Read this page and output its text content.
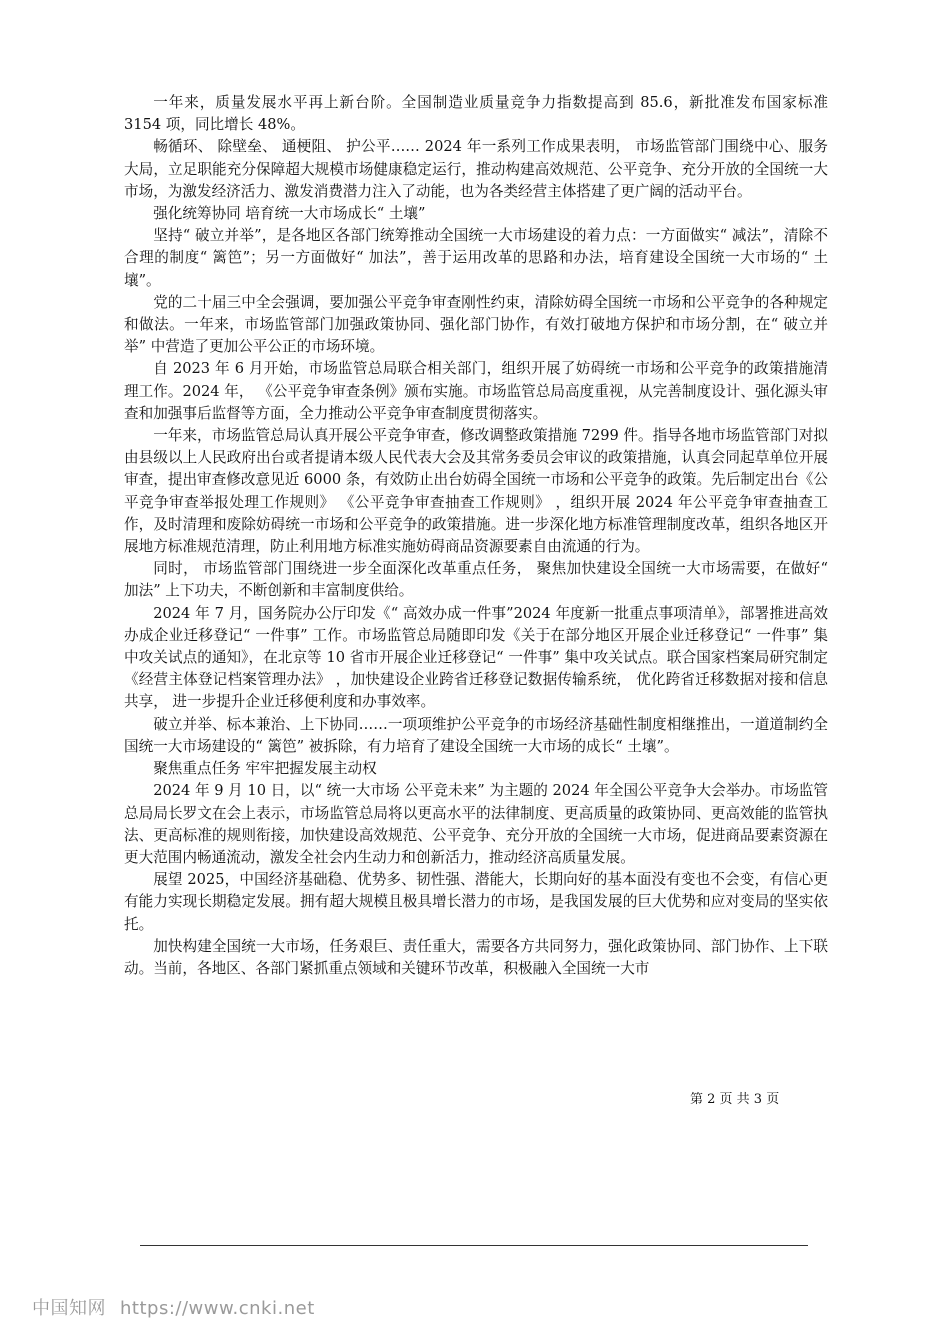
一年来，质量发展水平再上新台阶。全国制造业质量竞争力指数提高到 85.6，新批准发布国家标准 3154 项，同比增长 48%。

畅循环、 除壁垒、 通梗阻、 护公平…… 2024 年一系列工作成果表明， 市场监管部门围绕中心、服务大局，立足职能充分保障超大规模市场健康稳定运行，推动构建高效规范、公平竞争、充分开放的全国统一大市场，为激发经济活力、激发消费潜力注入了动能，也为各类经营主体搭建了更广阔的活动平台。

强化统筹协同 培育统一大市场成长“ 土壤”

坚持“ 破立并举”，是各地区各部门统筹推动全国统一大市场建设的着力点：一方面做实“ 减法”，清除不合理的制度“ 篱笆”；另一方面做好“ 加法”，善于运用改革的思路和办法，培育建设全国统一大市场的“ 土壤”。

党的二十届三中全会强调，要加强公平竞争审查刚性约束，清除妨碍全国统一市场和公平竞争的各种规定和做法。一年来，市场监管部门加强政策协同、强化部门协作，有效打破地方保护和市场分割，在“ 破立并举” 中营造了更加公平公正的市场环境。

自 2023 年 6 月开始，市场监管总局联合相关部门，组织开展了妨碍统一市场和公平竞争的政策措施清理工作。2024 年， 《公平竞争审查条例》颁布实施。市场监管总局高度重视，从完善制度设计、强化源头审查和加强事后监督等方面，全力推动公平竞争审查制度贯彻落实。

一年来，市场监管总局认真开展公平竞争审查，修改调整政策措施 7299 件。指导各地市场监管部门对拟由县级以上人民政府出台或者提请本级人民代表大会及其常务委员会审议的政策措施，认真会同起草单位开展审查，提出审查修改意见近 6000 条，有效防止出台妨碍全国统一市场和公平竞争的政策。先后制定出台《公平竞争审查举报处理工作规则》 《公平竞争审查抽查工作规则》 ，组织开展 2024 年公平竞争审查抽查工作，及时清理和废除妨碍统一市场和公平竞争的政策措施。进一步深化地方标准管理制度改革，组织各地区开展地方标准规范清理，防止利用地方标准实施妨碍商品资源要素自由流通的行为。

同时， 市场监管部门围绕进一步全面深化改革重点任务， 聚焦加快建设全国统一大市场需要，在做好“ 加法” 上下功夫，不断创新和丰富制度供给。

2024 年 7 月，国务院办公厅印发《“ 高效办成一件事”2024 年度新一批重点事项清单》，部署推进高效办成企业迁移登记“ 一件事” 工作。市场监管总局随即印发《关于在部分地区开展企业迁移登记“ 一件事” 集中攻关试点的通知》，在北京等 10 省市开展企业迁移登记“ 一件事” 集中攻关试点。联合国家档案局研究制定《经营主体登记档案管理办法》 ，加快建设企业跨省迁移登记数据传输系统， 优化跨省迁移数据对接和信息共享， 进一步提升企业迁移便利度和办事效率。

破立并举、标本兼治、上下协同……一项项维护公平竞争的市场经济基础性制度相继推出，一道道制约全国统一大市场建设的“ 篱笆” 被拆除，有力培育了建设全国统一大市场的成长“ 土壤”。

聚焦重点任务 牢牢把握发展主动权

2024 年 9 月 10 日，以“ 统一大市场 公平竞未来” 为主题的 2024 年全国公平竞争大会举办。市场监管总局局长罗文在会上表示，市场监管总局将以更高水平的法律制度、更高质量的政策协同、更高效能的监管执法、更高标准的规则衔接，加快建设高效规范、公平竞争、充分开放的全国统一大市场，促进商品要素资源在更大范围内畅通流动，激发全社会内生动力和创新活力，推动经济高质量发展。

展望 2025，中国经济基础稳、优势多、韧性强、潜能大，长期向好的基本面没有变也不会变，有信心更有能力实现长期稳定发展。拥有超大规模且极具增长潜力的市场，是我国发展的巨大优势和应对变局的坚实依托。

加快构建全国统一大市场，任务艰巨、责任重大，需要各方共同努力，强化政策协同、部门协作、上下联动。当前，各地区、各部门紧抓重点领域和关键环节改革，积极融入全国统一大市

第 2 页 共 3 页
中国知网 https://www.cnki.net
